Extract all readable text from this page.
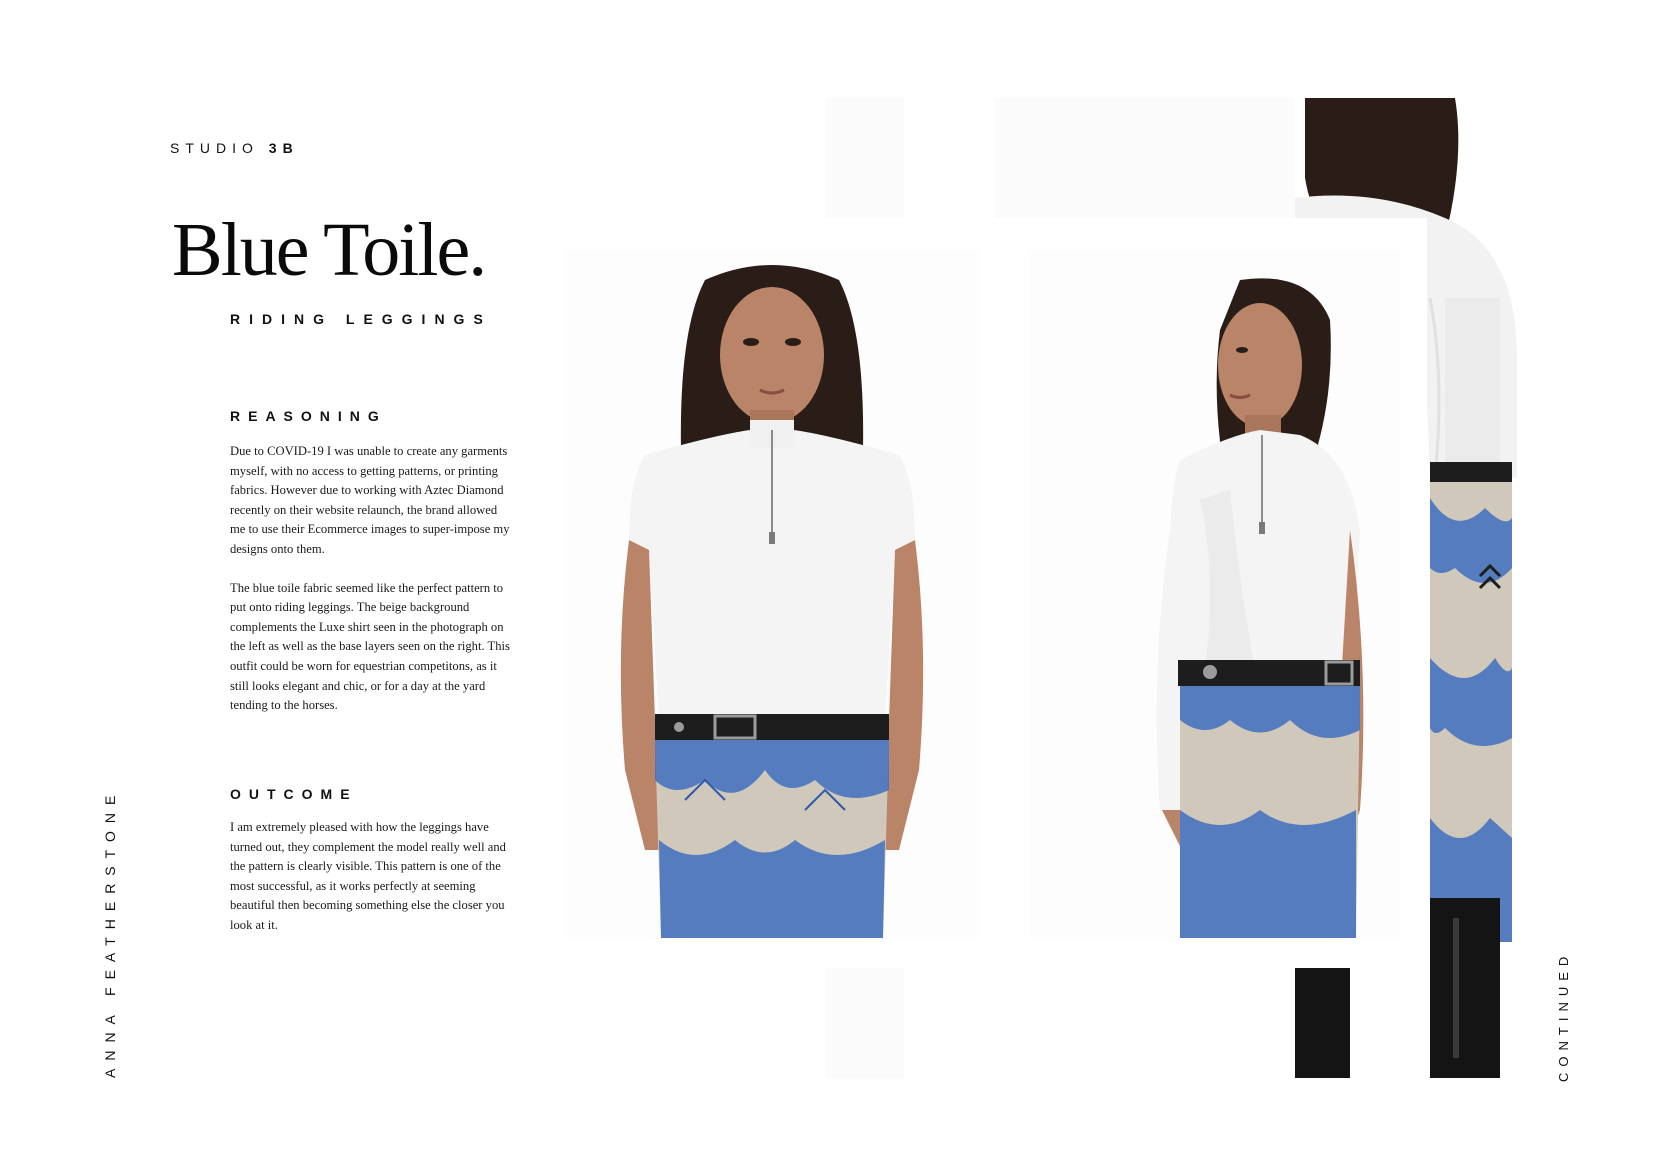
STUDIO 3B
Blue Toile.
RIDING LEGGINGS
REASONING

Due to COVID-19 I was unable to create any garments myself, with no access to getting patterns, or printing fabrics. However due to working with Aztec Diamond recently on their website relaunch, the brand allowed me to use their Ecommerce images to super-impose my designs onto them.

The blue toile fabric seemed like the perfect pattern to put onto riding leggings. The beige background complements the Luxe shirt seen in the photograph on the left as well as the base layers seen on the right. This outfit could be worn for equestrian competitons, as it still looks elegant and chic, or for a day at the yard tending to the horses.

OUTCOME

I am extremely pleased with how the leggings have turned out, they complement the model really well and the pattern is clearly visible. This pattern is one of the most successful, as it works perfectly at seeming beautiful then becoming something else the closer you look at it.

ANNA FEATHERSTONE	CONTINUED
